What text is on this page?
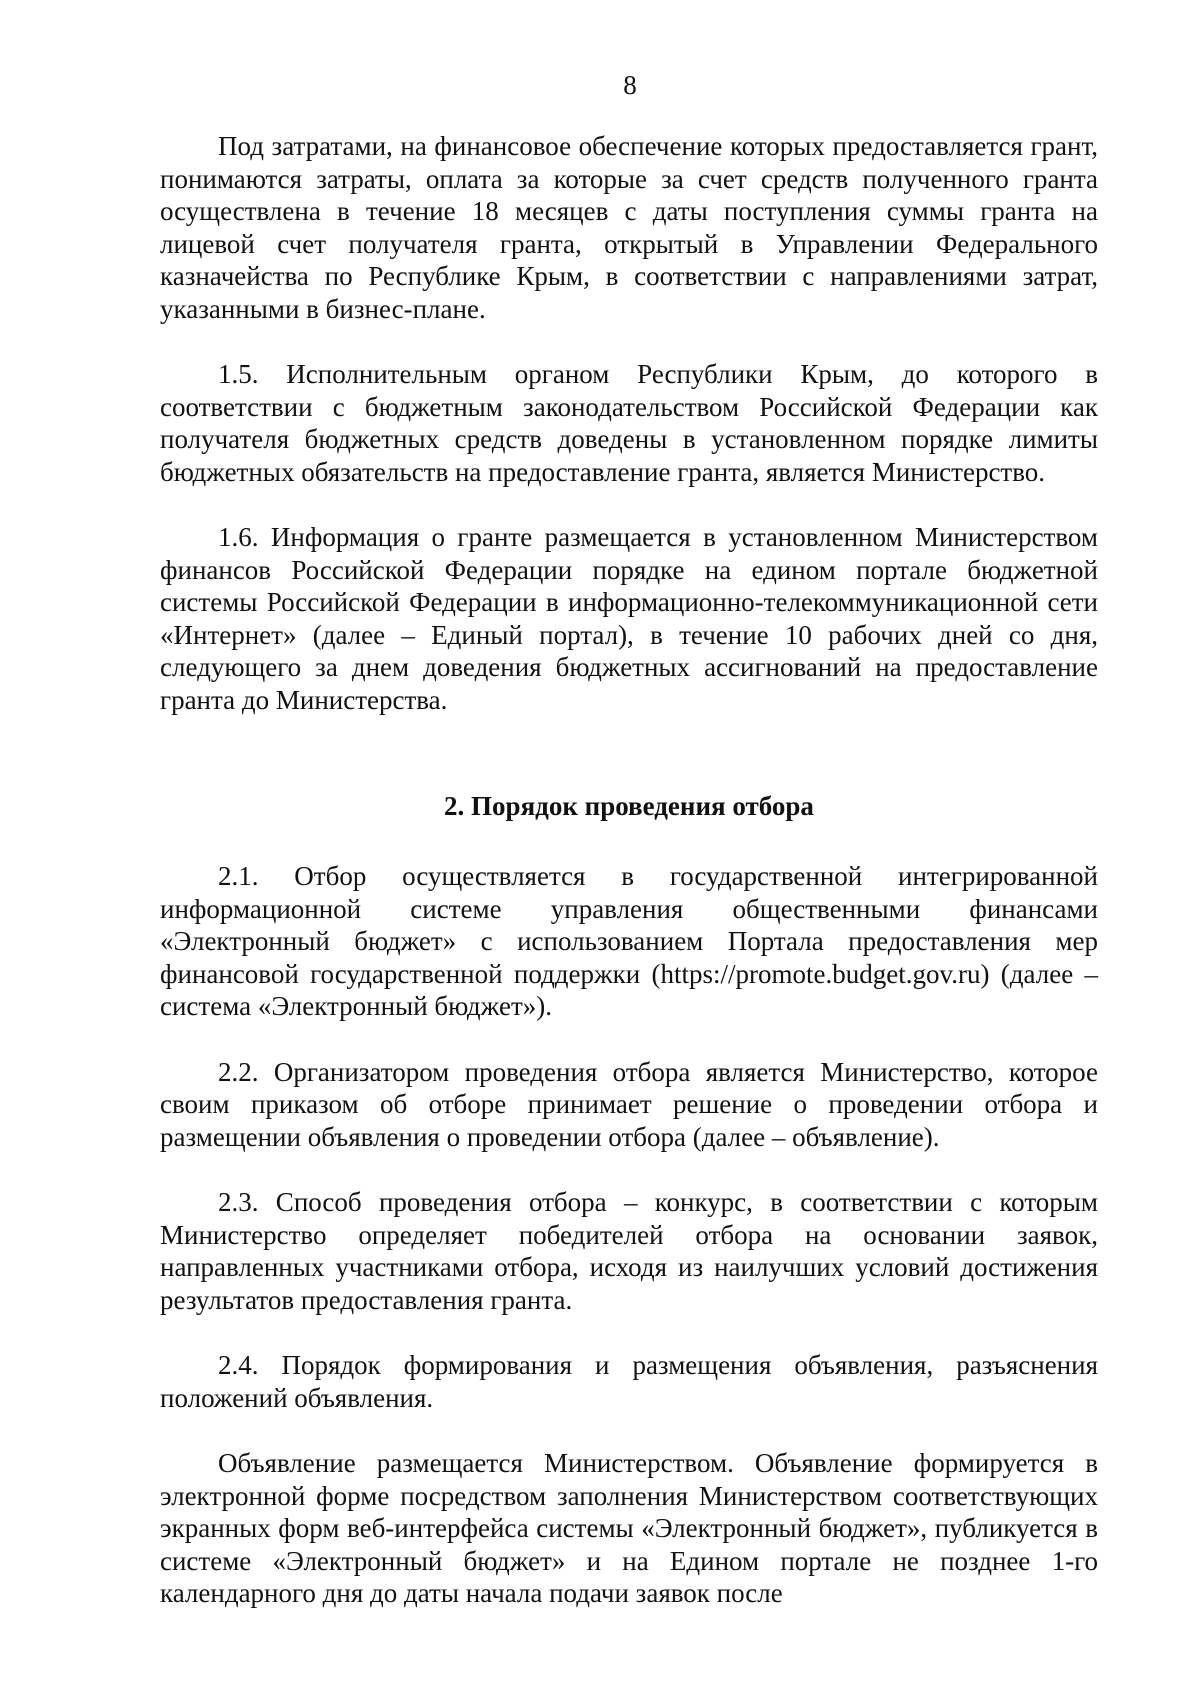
8

Под затратами, на финансовое обеспечение которых предоставляется грант, понимаются затраты, оплата за которые за счет средств полученного гранта осуществлена в течение 18 месяцев с даты поступления суммы гранта на лицевой счет получателя гранта, открытый в Управлении Федерального казначейства по Республике Крым, в соответствии с направлениями затрат, указанными в бизнес-плане.

1.5. Исполнительным органом Республики Крым, до которого в соответствии с бюджетным законодательством Российской Федерации как получателя бюджетных средств доведены в установленном порядке лимиты бюджетных обязательств на предоставление гранта, является Министерство.

1.6. Информация о гранте размещается в установленном Министерством финансов Российской Федерации порядке на едином портале бюджетной системы Российской Федерации в информационно-телекоммуникационной сети «Интернет» (далее – Единый портал), в течение 10 рабочих дней со дня, следующего за днем доведения бюджетных ассигнований на предоставление гранта до Министерства.

2. Порядок проведения отбора

2.1. Отбор осуществляется в государственной интегрированной информационной системе управления общественными финансами «Электронный бюджет» с использованием Портала предоставления мер финансовой государственной поддержки (https://promote.budget.gov.ru) (далее – система «Электронный бюджет»).

2.2. Организатором проведения отбора является Министерство, которое своим приказом об отборе принимает решение о проведении отбора и размещении объявления о проведении отбора (далее – объявление).

2.3. Способ проведения отбора – конкурс, в соответствии с которым Министерство определяет победителей отбора на основании заявок, направленных участниками отбора, исходя из наилучших условий достижения результатов предоставления гранта.

2.4. Порядок формирования и размещения объявления, разъяснения положений объявления.

Объявление размещается Министерством. Объявление формируется в электронной форме посредством заполнения Министерством соответствующих экранных форм веб-интерфейса системы «Электронный бюджет», публикуется в системе «Электронный бюджет» и на Едином портале не позднее 1-го календарного дня до даты начала подачи заявок после
